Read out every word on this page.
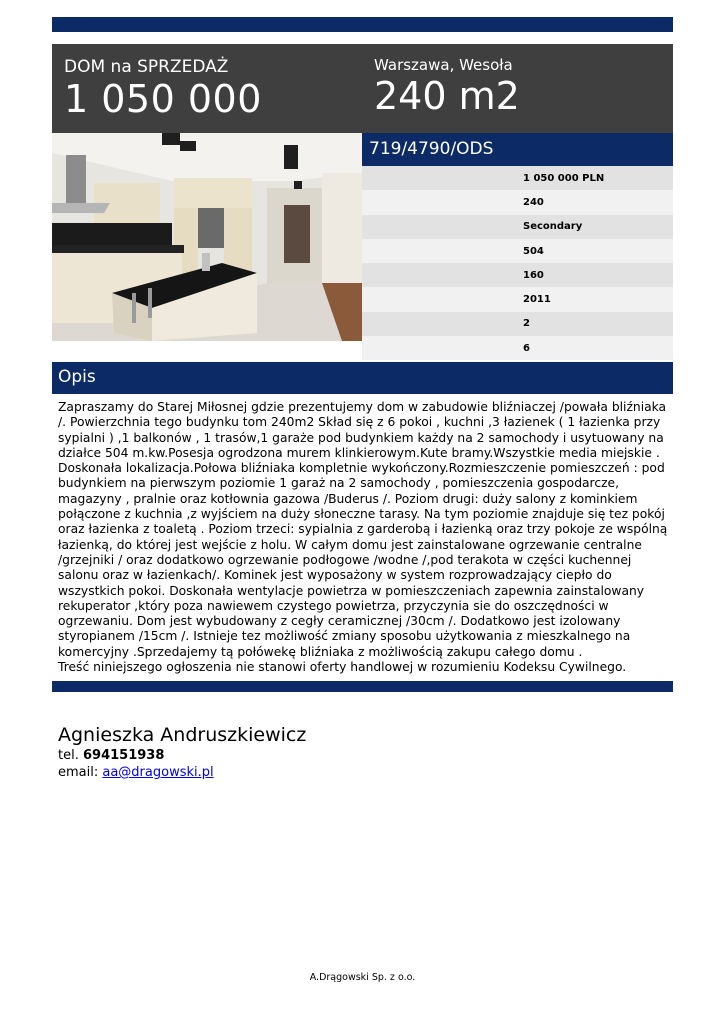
DOM na SPRZEDAŻ
1 050 000
Warszawa, Wesoła
240 m2
719/4790/ODS
1 050 000 PLN
240
Secondary
504
160
2011
2
6
Opis

Zapraszamy do Starej Miłosnej gdzie prezentujemy dom w zabudowie bliźniaczej /powała bliźniaka /. Powierzchnia tego budynku tom 240m2 Skład się z 6 pokoi , kuchni ,3 łazienek ( 1 łazienka przy sypialni ) ,1 balkonów , 1 trasów,1 garaże pod budynkiem każdy na 2 samochody i usytuowany na działce 504 m.kw.Posesja ogrodzona murem klinkierowym.Kute bramy.Wszystkie media miejskie . Doskonała lokalizacja.Połowa bliźniaka kompletnie wykończony.Rozmieszczenie pomieszczeń : pod budynkiem na pierwszym poziomie 1 garaż na 2 samochody , pomieszczenia gospodarcze, magazyny , pralnie oraz kotłownia gazowa /Buderus /. Poziom drugi: duży salony z kominkiem połączone z kuchnia ,z wyjściem na duży słoneczne tarasy. Na tym poziomie znajduje się tez pokój oraz łazienka z toaletą . Poziom trzeci: sypialnia z garderobą i łazienką oraz trzy pokoje ze wspólną łazienką, do której jest wejście z holu. W całym domu jest zainstalowane ogrzewanie centralne /grzejniki / oraz dodatkowo ogrzewanie podłogowe /wodne /,pod terakota w części kuchennej salonu oraz w łazienkach/. Kominek jest wyposażony w system rozprowadzający ciepło do wszystkich pokoi. Doskonała wentylacje powietrza w pomieszczeniach zapewnia zainstalowany rekuperator ,który poza nawiewem czystego powietrza, przyczynia sie do oszczędności w ogrzewaniu. Dom jest wybudowany z cegły ceramicznej /30cm /. Dodatkowo jest izolowany styropianem /15cm /. Istnieje tez możliwość zmiany sposobu użytkowania z mieszkalnego na komercyjny .Sprzedajemy tą połówekę bliźniaka z możliwością zakupu całego domu .

Treść niniejszego ogłoszenia nie stanowi oferty handlowej w rozumieniu Kodeksu Cywilnego.

Agnieszka Andruszkiewicz
tel. 694151938
email: aa@dragowski.pl
A.Drągowski Sp. z o.o.
